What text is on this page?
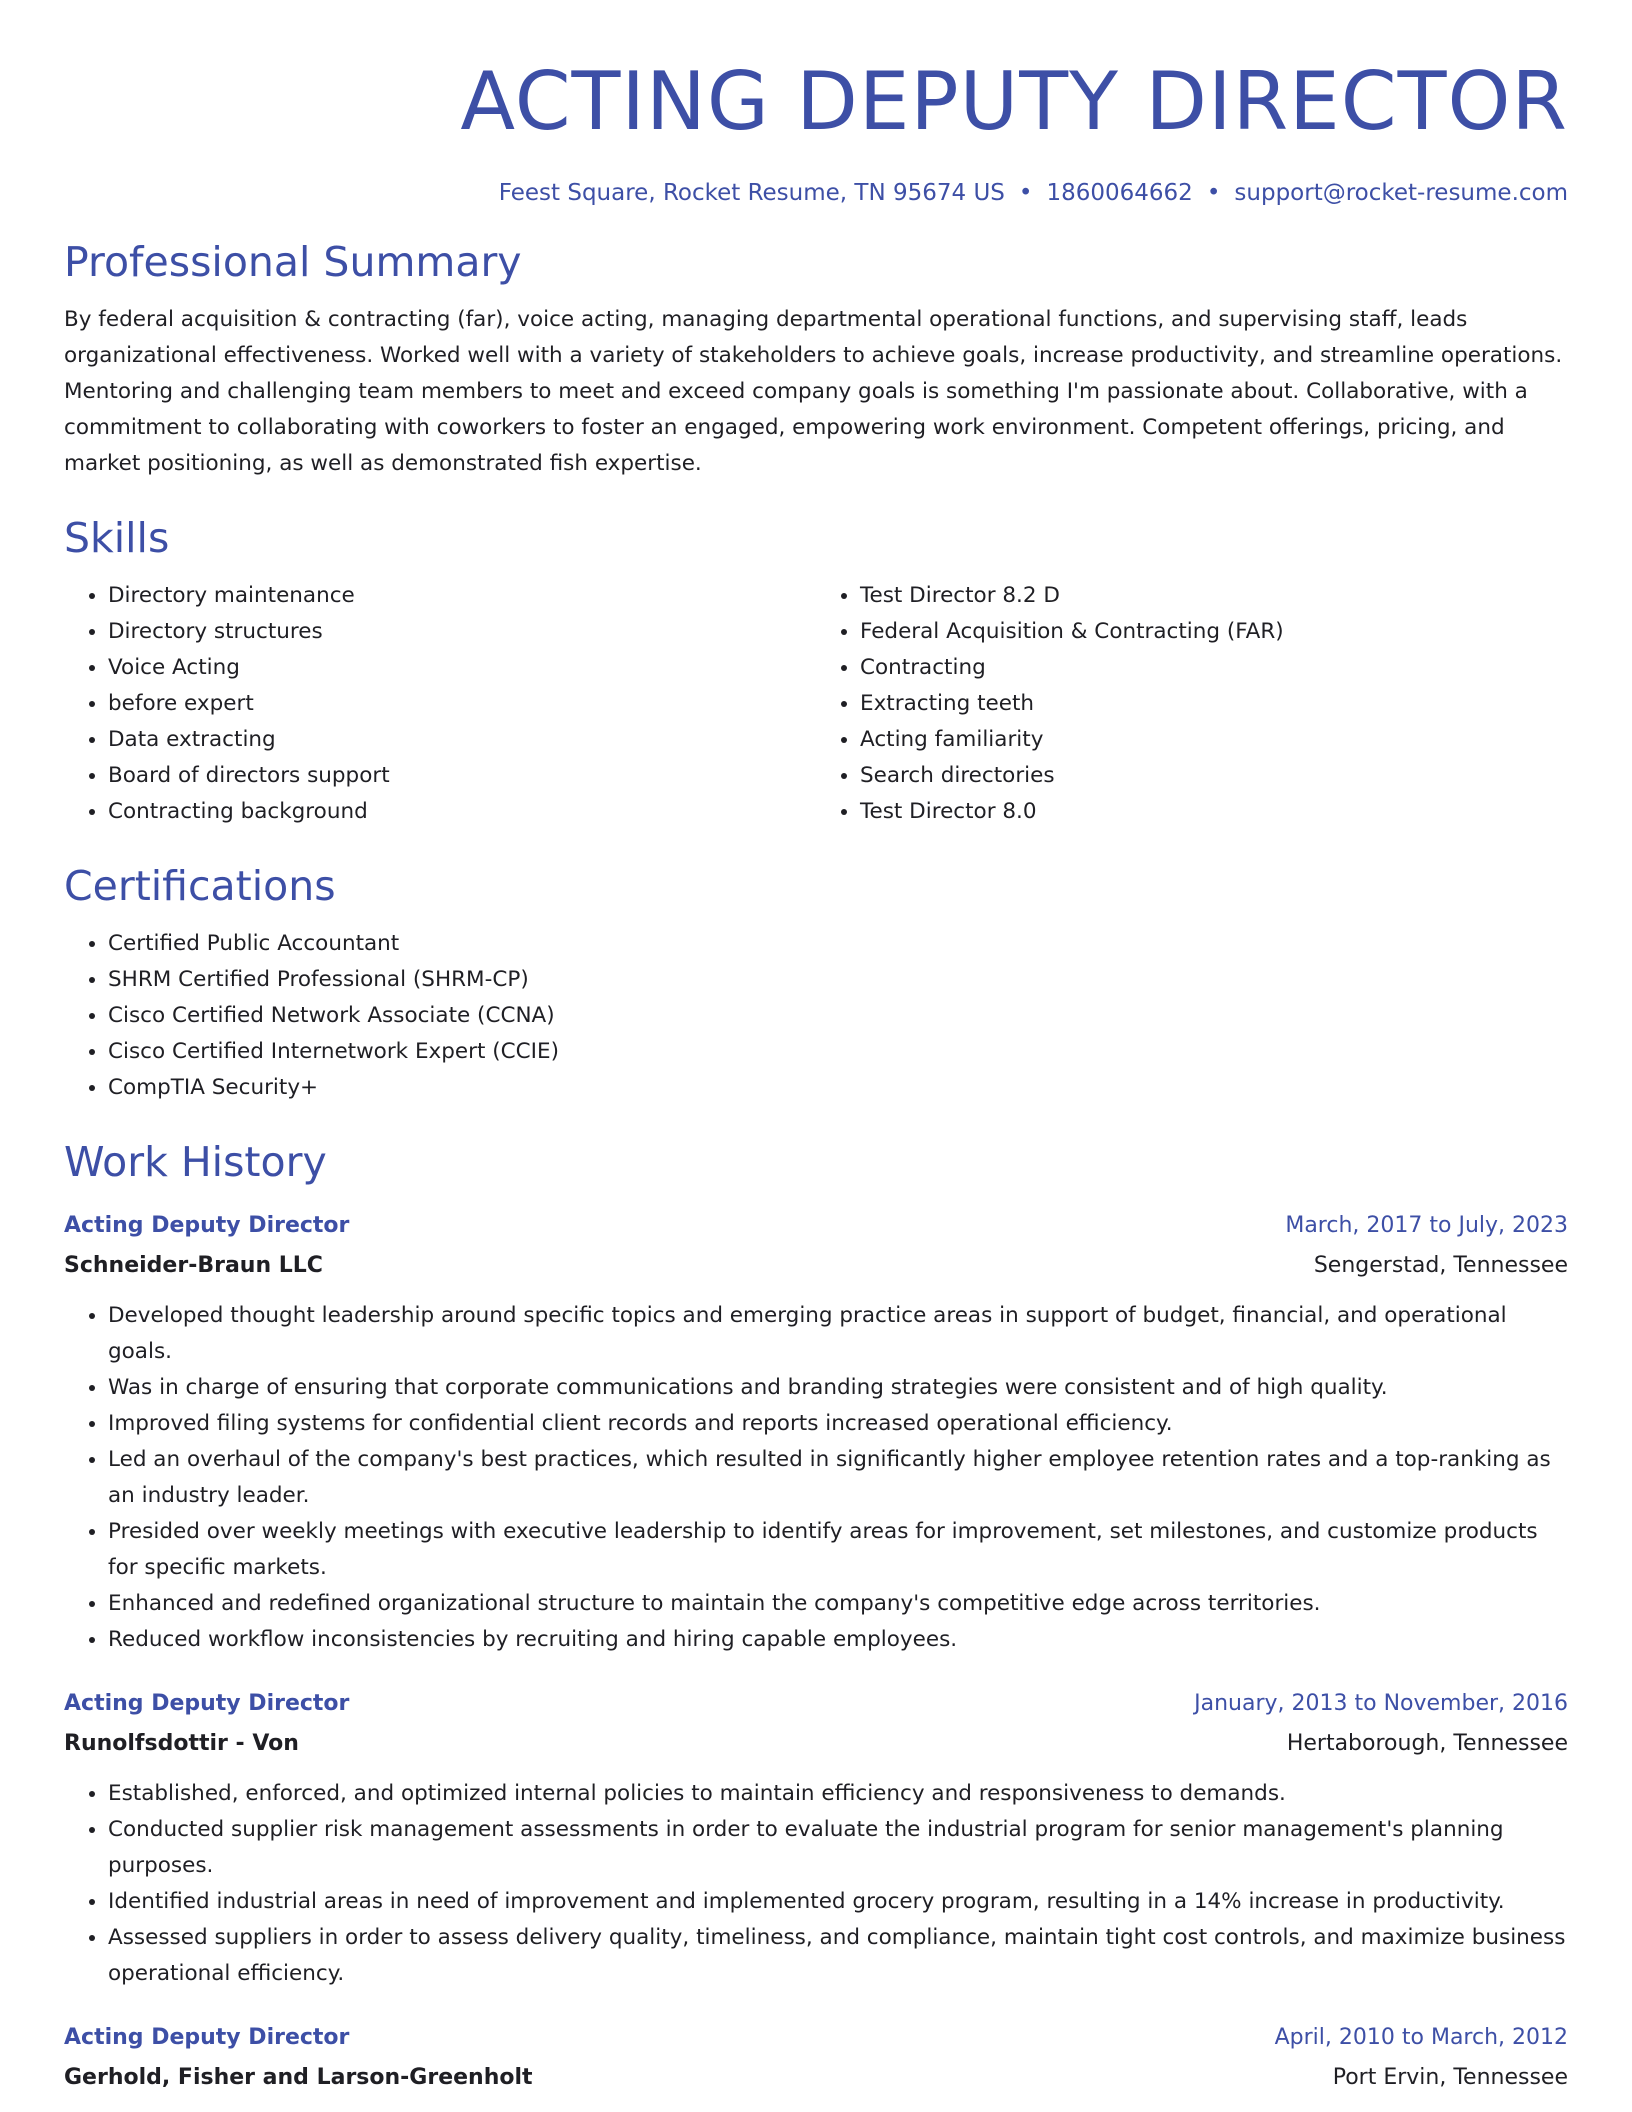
ACTING DEPUTY DIRECTOR
Feest Square, Rocket Resume, TN 95674 US • 1860064662 • support@rocket-resume.com
Professional Summary

By federal acquisition & contracting (far), voice acting, managing departmental operational functions, and supervising staff, leads organizational effectiveness. Worked well with a variety of stakeholders to achieve goals, increase productivity, and streamline operations. Mentoring and challenging team members to meet and exceed company goals is something I'm passionate about. Collaborative, with a commitment to collaborating with coworkers to foster an engaged, empowering work environment. Competent offerings, pricing, and market positioning, as well as demonstrated fish expertise.

Skills
• Directory maintenance
• Directory structures
• Voice Acting
• before expert
• Data extracting
• Board of directors support
• Contracting background
• Test Director 8.2 D
• Federal Acquisition & Contracting (FAR)
• Contracting
• Extracting teeth
• Acting familiarity
• Search directories
• Test Director 8.0
Certifications
• Certified Public Accountant
• SHRM Certified Professional (SHRM-CP)
• Cisco Certified Network Associate (CCNA)
• Cisco Certified Internetwork Expert (CCIE)
• CompTIA Security+
Work History
Acting Deputy Director	March, 2017 to July, 2023
Schneider-Braun LLC	Sengerstad, Tennessee
• Developed thought leadership around specific topics and emerging practice areas in support of budget, financial, and operational goals.
• Was in charge of ensuring that corporate communications and branding strategies were consistent and of high quality.
• Improved filing systems for confidential client records and reports increased operational efficiency.
• Led an overhaul of the company's best practices, which resulted in significantly higher employee retention rates and a top-ranking as an industry leader.
• Presided over weekly meetings with executive leadership to identify areas for improvement, set milestones, and customize products for specific markets.
• Enhanced and redefined organizational structure to maintain the company's competitive edge across territories.
• Reduced workflow inconsistencies by recruiting and hiring capable employees.
Acting Deputy Director	January, 2013 to November, 2016
Runolfsdottir - Von	Hertaborough, Tennessee
• Established, enforced, and optimized internal policies to maintain efficiency and responsiveness to demands.
• Conducted supplier risk management assessments in order to evaluate the industrial program for senior management's planning purposes.
• Identified industrial areas in need of improvement and implemented grocery program, resulting in a 14% increase in productivity.
• Assessed suppliers in order to assess delivery quality, timeliness, and compliance, maintain tight cost controls, and maximize business operational efficiency.
Acting Deputy Director	April, 2010 to March, 2012
Gerhold, Fisher and Larson-Greenholt	Port Ervin, Tennessee
